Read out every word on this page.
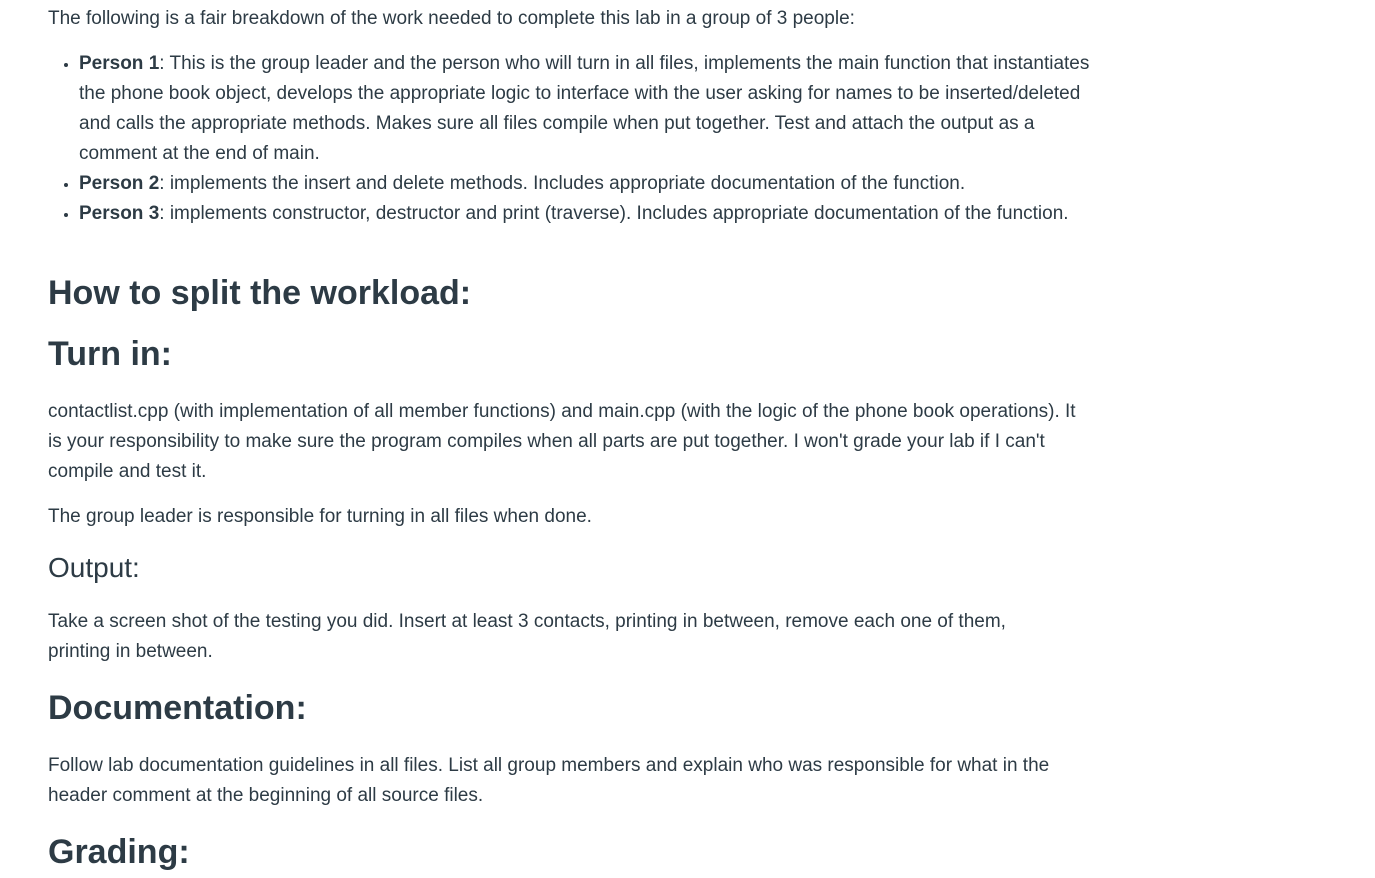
The following is a fair breakdown of the work needed to complete this lab in a group of 3 people:

• Person 1: This is the group leader and the person who will turn in all files, implements the main function that instantiates the phone book object, develops the appropriate logic to interface with the user asking for names to be inserted/deleted and calls the appropriate methods. Makes sure all files compile when put together. Test and attach the output as a comment at the end of main.
• Person 2: implements the insert and delete methods. Includes appropriate documentation of the function.
• Person 3: implements constructor, destructor and print (traverse). Includes appropriate documentation of the function.
How to split the workload:
Turn in:

contactlist.cpp (with implementation of all member functions) and main.cpp (with the logic of the phone book operations). It is your responsibility to make sure the program compiles when all parts are put together. I won't grade your lab if I can't compile and test it.

The group leader is responsible for turning in all files when done.

Output:

Take a screen shot of the testing you did. Insert at least 3 contacts, printing in between, remove each one of them, printing in between.

Documentation:

Follow lab documentation guidelines in all files. List all group members and explain who was responsible for what in the header comment at the beginning of all source files.

Grading:
